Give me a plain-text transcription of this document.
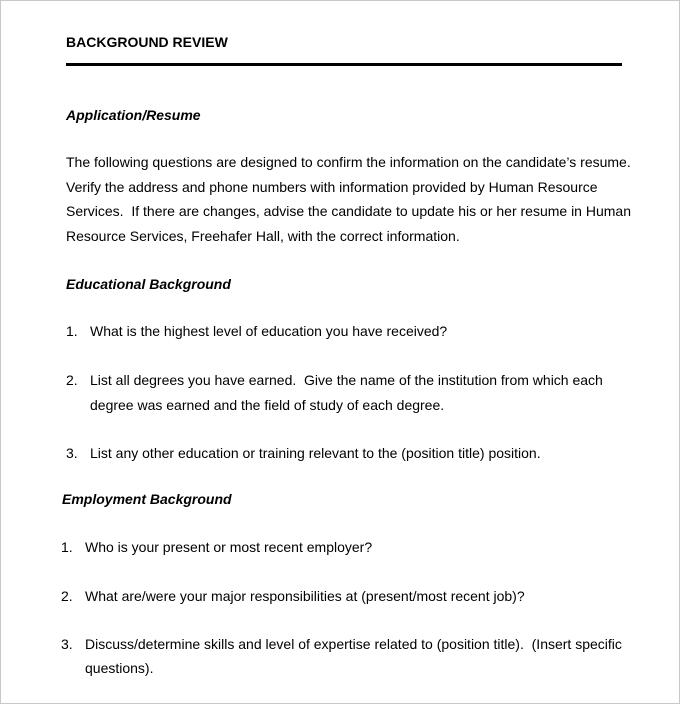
BACKGROUND REVIEW
Application/Resume
The following questions are designed to confirm the information on the candidate’s resume.
Verify the address and phone numbers with information provided by Human Resource
Services.  If there are changes, advise the candidate to update his or her resume in Human
Resource Services, Freehafer Hall, with the correct information.
Educational Background
1. What is the highest level of education you have received?
2. List all degrees you have earned.  Give the name of the institution from which each
degree was earned and the field of study of each degree.
3. List any other education or training relevant to the (position title) position.
Employment Background
1. Who is your present or most recent employer?
2. What are/were your major responsibilities at (present/most recent job)?
3. Discuss/determine skills and level of expertise related to (position title).  (Insert specific
questions).
